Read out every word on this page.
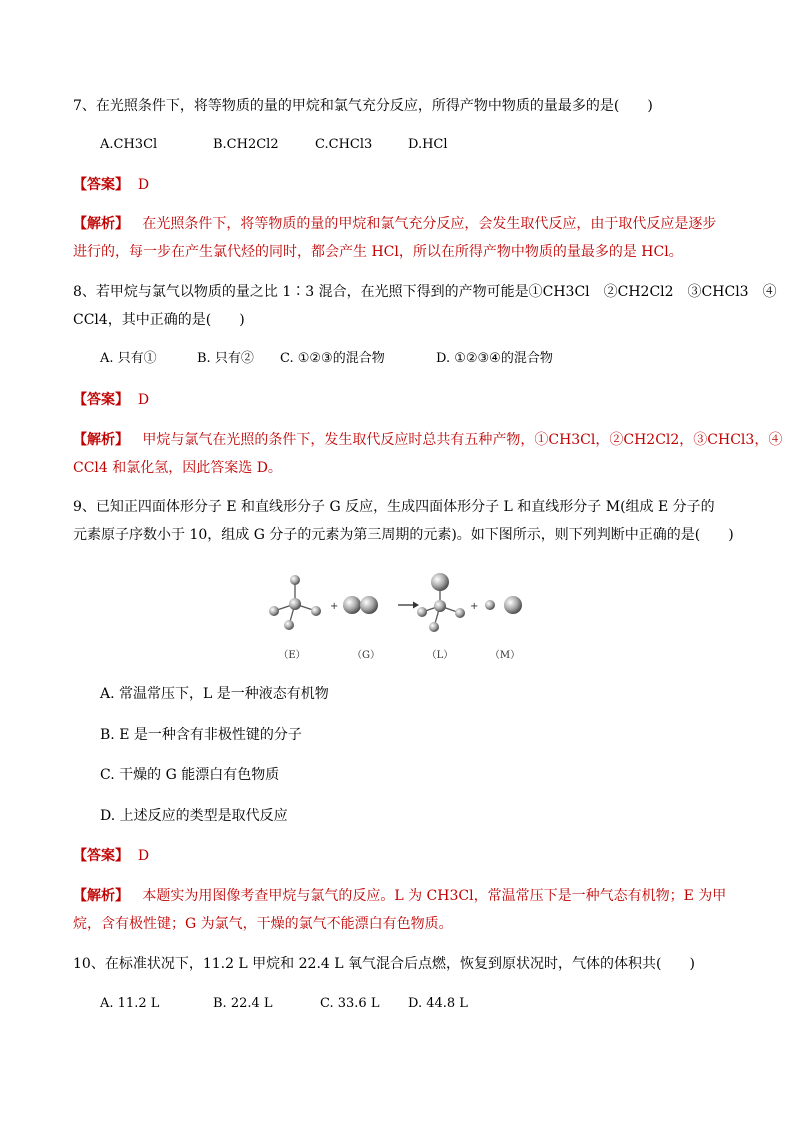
7、在光照条件下，将等物质的量的甲烷和氯气充分反应，所得产物中物质的量最多的是(　　)
A.CH3Cl	B.CH2Cl2	C.CHCl3	D.HCl
【答案】 D
【解析】 在光照条件下，将等物质的量的甲烷和氯气充分反应，会发生取代反应，由于取代反应是逐步
进行的，每一步在产生氯代烃的同时，都会产生 HCl，所以在所得产物中物质的量最多的是 HCl。
8、若甲烷与氯气以物质的量之比 1∶3 混合，在光照下得到的产物可能是①CH3Cl　②CH2Cl2　③CHCl3　④
CCl4，其中正确的是(　　)
A. 只有①	B. 只有② C. ①②③的混合物	D. ①②③④的混合物
【答案】 D
【解析】 甲烷与氯气在光照的条件下，发生取代反应时总共有五种产物，①CH3Cl，②CH2Cl2，③CHCl3，④
CCl4 和氯化氢，因此答案选 D。
9、已知正四面体形分子 E 和直线形分子 G 反应，生成四面体形分子 L 和直线形分子 M(组成 E 分子的
元素原子序数小于 10，组成 G 分子的元素为第三周期的元素)。如下图所示，则下列判断中正确的是(　　)
+	+
（E）	（G）	（L）	（M）
A. 常温常压下，L 是一种液态有机物
B. E 是一种含有非极性键的分子
C. 干燥的 G 能漂白有色物质
D. 上述反应的类型是取代反应
【答案】 D
【解析】 本题实为用图像考查甲烷与氯气的反应。L 为 CH3Cl，常温常压下是一种气态有机物；E 为甲
烷，含有极性键；G 为氯气，干燥的氯气不能漂白有色物质。
10、在标准状况下，11.2 L 甲烷和 22.4 L 氧气混合后点燃，恢复到原状况时，气体的体积共(　　)
A. 11.2 L	B. 22.4 L	C. 33.6 L D. 44.8 L
